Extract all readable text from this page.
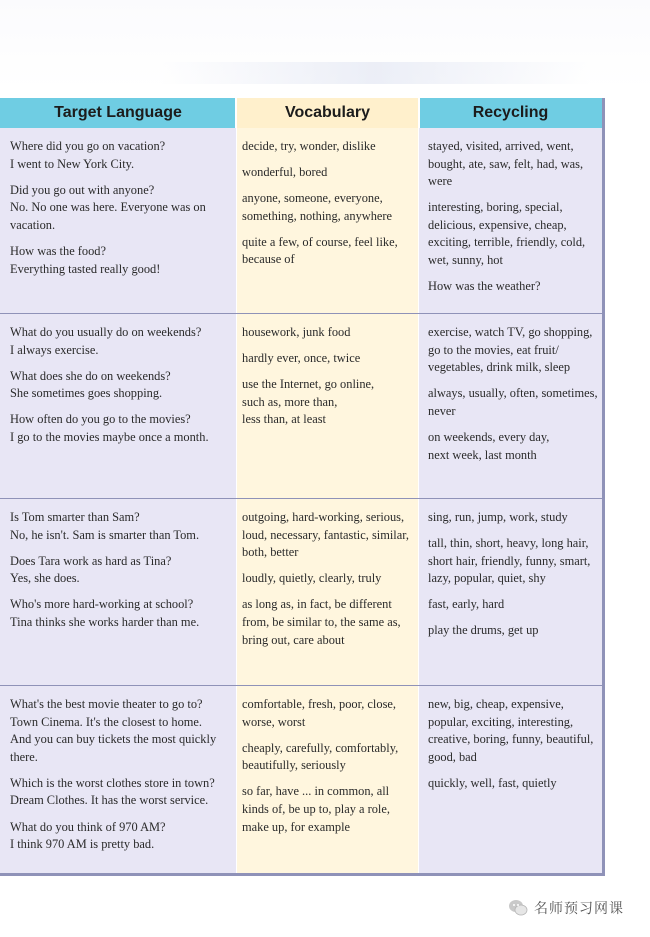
Target Language	Vocabulary	Recycling

Where did you go on vacation?
I went to New York City.

Did you go out with anyone?
No. No one was here. Everyone was on
vacation.

How was the food?
Everything tasted really good!

decide, try, wonder, dislike

wonderful, bored

anyone, someone, everyone,
something, nothing, anywhere

quite a few, of course, feel like,
because of

stayed, visited, arrived, went,
bought, ate, saw, felt, had, was,
were

interesting, boring, special,
delicious, expensive, cheap,
exciting, terrible, friendly, cold,
wet, sunny, hot

How was the weather?

What do you usually do on weekends?
I always exercise.

What does she do on weekends?
She sometimes goes shopping.

How often do you go to the movies?
I go to the movies maybe once a month.

housework, junk food

hardly ever, once, twice

use the Internet, go online,
such as, more than,
less than, at least

exercise, watch TV, go shopping,
go to the movies, eat fruit/
vegetables, drink milk, sleep

always, usually, often, sometimes,
never

on weekends, every day,
next week, last month

Is Tom smarter than Sam?
No, he isn't. Sam is smarter than Tom.

Does Tara work as hard as Tina?
Yes, she does.

Who's more hard-working at school?
Tina thinks she works harder than me.

outgoing, hard-working, serious,
loud, necessary, fantastic, similar,
both, better

loudly, quietly, clearly, truly

as long as, in fact, be different
from, be similar to, the same as,
bring out, care about

sing, run, jump, work, study

tall, thin, short, heavy, long hair,
short hair, friendly, funny, smart,
lazy, popular, quiet, shy

fast, early, hard

play the drums, get up

What's the best movie theater to go to?
Town Cinema. It's the closest to home.
And you can buy tickets the most quickly
there.

Which is the worst clothes store in town?
Dream Clothes. It has the worst service.

What do you think of 970 AM?
I think 970 AM is pretty bad.

comfortable, fresh, poor, close,
worse, worst

cheaply, carefully, comfortably,
beautifully, seriously

so far, have ... in common, all
kinds of, be up to, play a role,
make up, for example

new, big, cheap, expensive,
popular, exciting, interesting,
creative, boring, funny, beautiful,
good, bad

quickly, well, fast, quietly

名师预习网课
